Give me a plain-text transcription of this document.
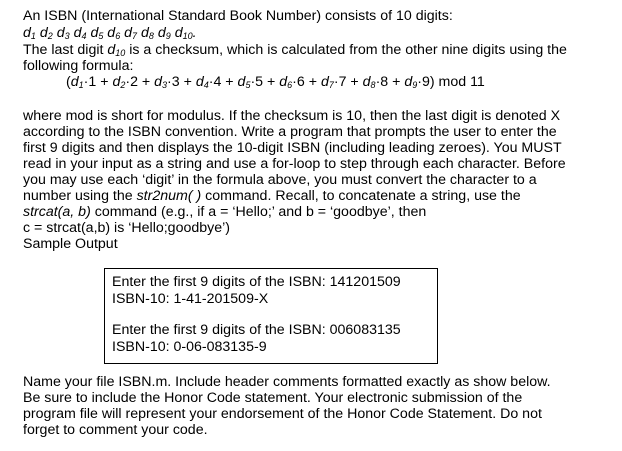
An ISBN (International Standard Book Number) consists of 10 digits:
$d_1$ $d_2$ $d_3$ $d_4$ $d_5$ $d_6$ $d_7$ $d_8$ $d_9$ $d_{10}$.
The last digit $d_{10}$ is a checksum, which is calculated from the other nine digits using the
following formula:
$(d_1\cdot 1 + d_2\cdot 2 + d_3\cdot 3 + d_4\cdot 4 + d_5\cdot 5 + d_6\cdot 6 + d_7\cdot 7 + d_8\cdot 8 + d_9\cdot 9)$ mod 11
where mod is short for modulus. If the checksum is 10, then the last digit is denoted X
according to the ISBN convention. Write a program that prompts the user to enter the
first 9 digits and then displays the 10-digit ISBN (including leading zeroes). You MUST
read in your input as a string and use a for-loop to step through each character. Before
you may use each ‘digit’ in the formula above, you must convert the character to a
number using the str2num( ) command. Recall, to concatenate a string, use the
strcat(a, b) command (e.g., if a = ‘Hello;’ and b = ‘goodbye’, then
c = strcat(a,b) is ‘Hello;goodbye’)
Sample Output
Enter the first 9 digits of the ISBN: 141201509
ISBN-10: 1-41-201509-X
Enter the first 9 digits of the ISBN: 006083135
ISBN-10: 0-06-083135-9
Name your file ISBN.m. Include header comments formatted exactly as show below.
Be sure to include the Honor Code statement. Your electronic submission of the
program file will represent your endorsement of the Honor Code Statement. Do not
forget to comment your code.
